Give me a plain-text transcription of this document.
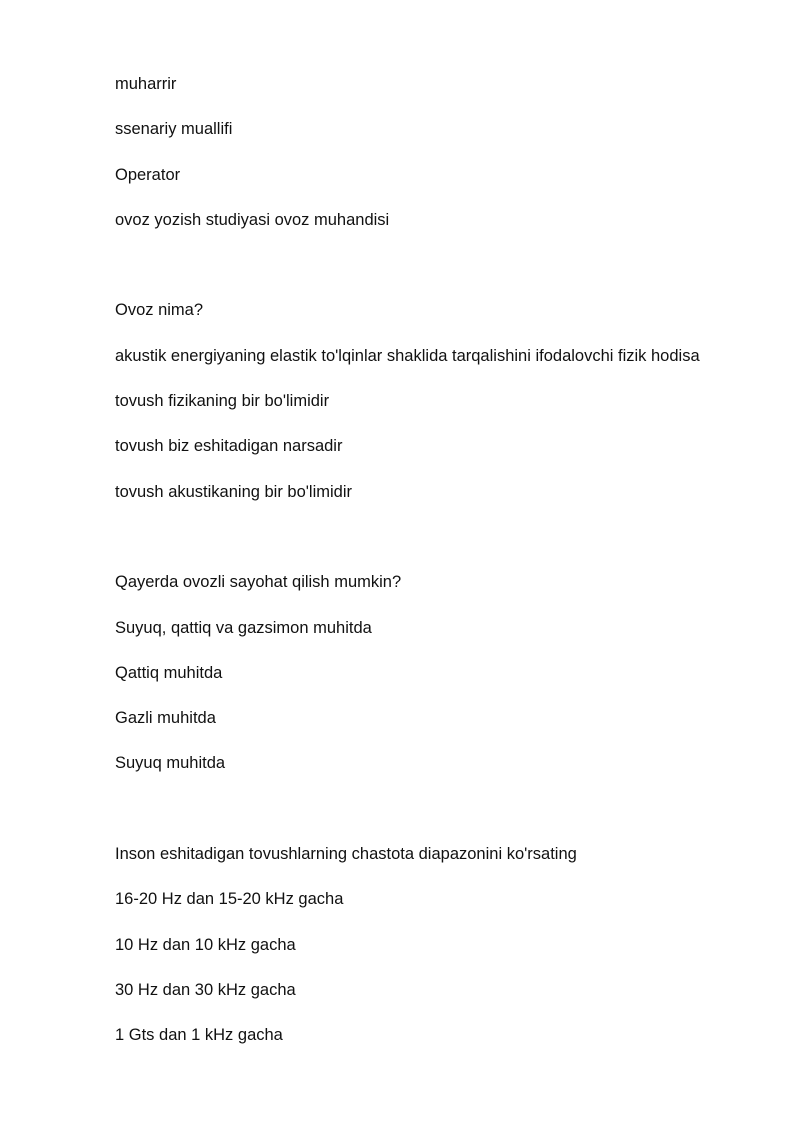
muharrir
ssenariy muallifi
Operator
ovoz yozish studiyasi ovoz muhandisi
Ovoz nima?
akustik energiyaning elastik to'lqinlar shaklida tarqalishini ifodalovchi fizik hodisa
tovush fizikaning bir bo'limidir
tovush biz eshitadigan narsadir
tovush akustikaning bir bo'limidir
Qayerda ovozli sayohat qilish mumkin?
Suyuq, qattiq va gazsimon muhitda
Qattiq muhitda
Gazli muhitda
Suyuq muhitda
Inson eshitadigan tovushlarning chastota diapazonini ko'rsating
16-20 Hz dan 15-20 kHz gacha
10 Hz dan 10 kHz gacha
30 Hz dan 30 kHz gacha
1 Gts dan 1 kHz gacha
